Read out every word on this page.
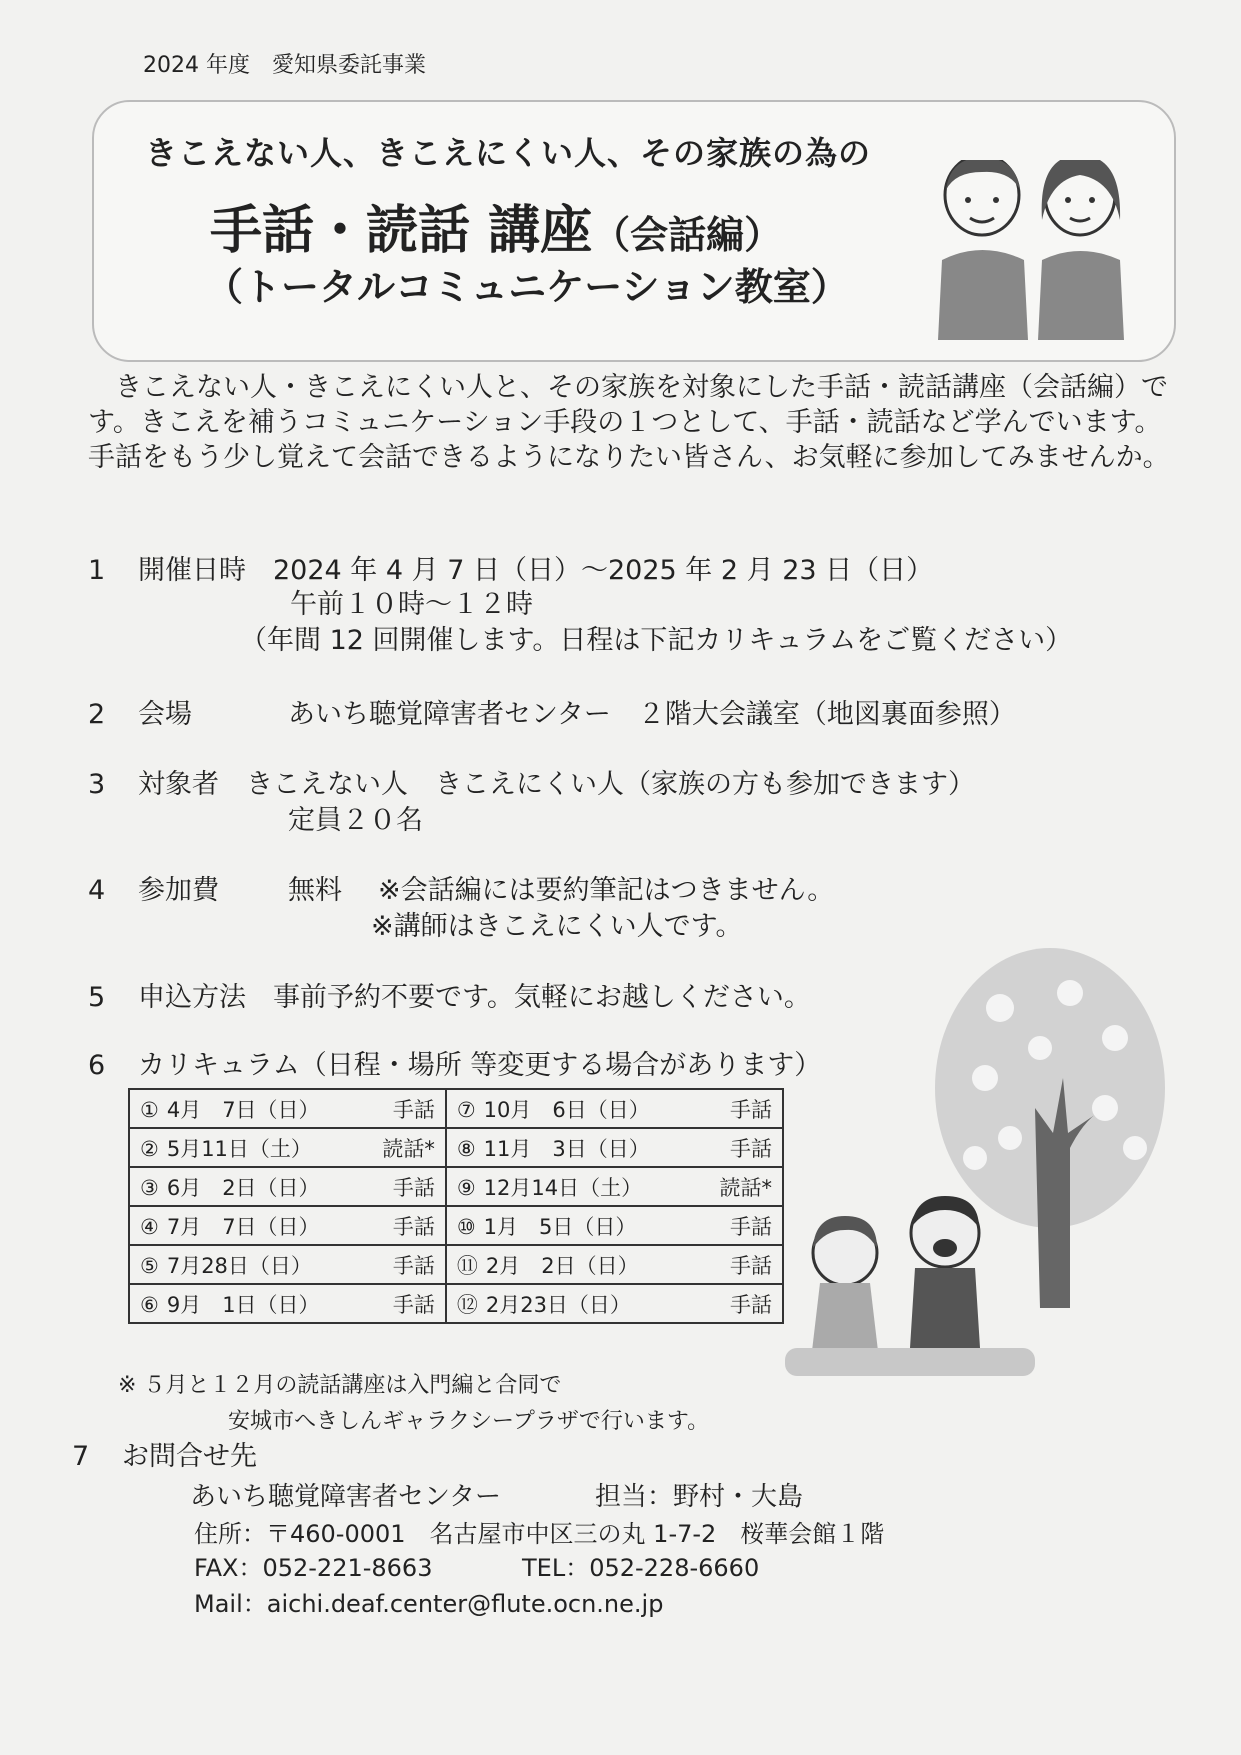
2024 年度　愛知県委託事業
きこえない人、きこえにくい人、その家族の為の
手話・読話 講座（会話編）
（トータルコミュニケーション教室）
きこえない人・きこえにくい人と、その家族を対象にした手話・読話講座（会話編）です。きこえを補うコミュニケーション手段の１つとして、手話・読話など学んでいます。手話をもう少し覚えて会話できるようになりたい皆さん、お気軽に参加してみませんか。
1 開催日時　 2024 年 4 月 7 日（日）～2025 年 2 月 23 日（日）
午前１０時～１２時
（年間 12 回開催します。日程は下記カリキュラムをご覧ください）
2 会場	あいち聴覚障害者センター　２階大会議室（地図裏面参照）
3 対象者　 きこえない人　きこえにくい人（家族の方も参加できます）
定員２０名
4 参加費	無料 ※会話編には要約筆記はつきません。
※講師はきこえにくい人です。
5 申込方法　 事前予約不要です。気軽にお越しください。
6 カリキュラム（日程・場所 等変更する場合があります）
① 4月　7日（日） 手話	⑦ 10月　6日（日） 手話

② 5月11日（土） 読話*	⑧ 11月　3日（日） 手話

③ 6月　2日（日） 手話	⑨ 12月14日（土） 読話*

④ 7月　7日（日） 手話	⑩ 1月　5日（日） 手話

⑤ 7月28日（日） 手話	⑪ 2月　2日（日） 手話

⑥ 9月　1日（日） 手話	⑫ 2月23日（日） 手話
※ ５月と１２月の読話講座は入門編と合同で
安城市へきしんギャラクシープラザで行います。
7 お問合せ先
あいち聴覚障害者センター	担当：野村・大島
住所：〒460-0001　名古屋市中区三の丸 1-7-2　桜華会館１階
FAX：052-221-8663	TEL：052-228-6660
Mail：aichi.deaf.center@flute.ocn.ne.jp
